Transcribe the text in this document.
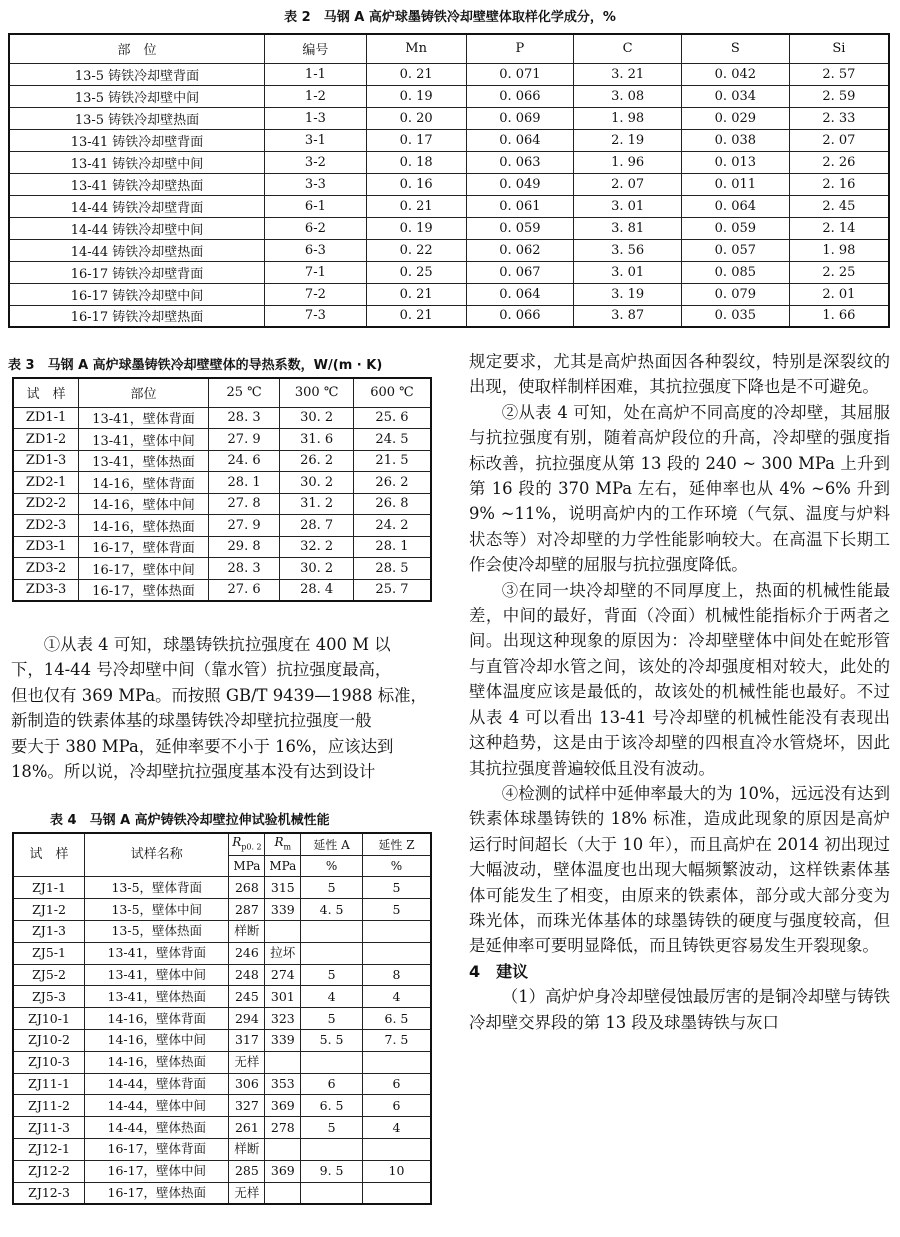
表 2　马钢 A 高炉球墨铸铁冷却壁壁体取样化学成分，%
部　位	编号	Mn	P	C	S	Si
13-5 铸铁冷却壁背面	1-1	0. 21	0. 071	3. 21	0. 042	2. 57
13-5 铸铁冷却壁中间	1-2	0. 19	0. 066	3. 08	0. 034	2. 59
13-5 铸铁冷却壁热面	1-3	0. 20	0. 069	1. 98	0. 029	2. 33
13-41 铸铁冷却壁背面	3-1	0. 17	0. 064	2. 19	0. 038	2. 07
13-41 铸铁冷却壁中间	3-2	0. 18	0. 063	1. 96	0. 013	2. 26
13-41 铸铁冷却壁热面	3-3	0. 16	0. 049	2. 07	0. 011	2. 16
14-44 铸铁冷却壁背面	6-1	0. 21	0. 061	3. 01	0. 064	2. 45
14-44 铸铁冷却壁中间	6-2	0. 19	0. 059	3. 81	0. 059	2. 14
14-44 铸铁冷却壁热面	6-3	0. 22	0. 062	3. 56	0. 057	1. 98
16-17 铸铁冷却壁背面	7-1	0. 25	0. 067	3. 01	0. 085	2. 25
16-17 铸铁冷却壁中间	7-2	0. 21	0. 064	3. 19	0. 079	2. 01
16-17 铸铁冷却壁热面	7-3	0. 21	0. 066	3. 87	0. 035	1. 66
表 3　马钢 A 高炉球墨铸铁冷却壁壁体的导热系数，W/(m · K)
试　样	部位	25 ℃	300 ℃	600 ℃
ZD1-1	13-41，壁体背面	28. 3	30. 2	25. 6
ZD1-2	13-41，壁体中间	27. 9	31. 6	24. 5
ZD1-3	13-41，壁体热面	24. 6	26. 2	21. 5
ZD2-1	14-16，壁体背面	28. 1	30. 2	26. 2
ZD2-2	14-16，壁体中间	27. 8	31. 2	26. 8
ZD2-3	14-16，壁体热面	27. 9	28. 7	24. 2
ZD3-1	16-17，壁体背面	29. 8	32. 2	28. 1
ZD3-2	16-17，壁体中间	28. 3	30. 2	28. 5
ZD3-3	16-17，壁体热面	27. 6	28. 4	25. 7

①从表 4 可知，球墨铸铁抗拉强度在 400 M 以
下，14-44 号冷却壁中间（靠水管）抗拉强度最高，
但也仅有 369 MPa。而按照 GB/T 9439—1988 标准，
新制造的铁素体基的球墨铸铁冷却壁抗拉强度一般
要大于 380 MPa，延伸率要不小于 16%，应该达到
18%。所以说，冷却壁抗拉强度基本没有达到设计

表 4　马钢 A 高炉铸铁冷却壁拉伸试验机械性能
试　样	试样名称	$R_{p0. 2}$	$R_m$	延性 A	延性 Z
		MPa	MPa	%	%
ZJ1-1	13-5，壁体背面	268	315	5	5
ZJ1-2	13-5，壁体中间	287	339	4. 5	5
ZJ1-3	13-5，壁体热面	样断			
ZJ5-1	13-41，壁体背面	246	拉坏		
ZJ5-2	13-41，壁体中间	248	274	5	8
ZJ5-3	13-41，壁体热面	245	301	4	4
ZJ10-1	14-16，壁体背面	294	323	5	6. 5
ZJ10-2	14-16，壁体中间	317	339	5. 5	7. 5
ZJ10-3	14-16，壁体热面	无样			
ZJ11-1	14-44，壁体背面	306	353	6	6
ZJ11-2	14-44，壁体中间	327	369	6. 5	6
ZJ11-3	14-44，壁体热面	261	278	5	4
ZJ12-1	16-17，壁体背面	样断			
ZJ12-2	16-17，壁体中间	285	369	9. 5	10
ZJ12-3	16-17，壁体热面	无样			

规定要求，尤其是高炉热面因各种裂纹，特别是深裂纹的出现，使取样制样困难，其抗拉强度下降也是不可避免。

②从表 4 可知，处在高炉不同高度的冷却壁，其屈服与抗拉强度有别，随着高炉段位的升高，冷却壁的强度指标改善，抗拉强度从第 13 段的 240 ~ 300 MPa 上升到第 16 段的 370 MPa 左右，延伸率也从 4% ~6% 升到 9% ~11%，说明高炉内的工作环境（气氛、温度与炉料状态等）对冷却壁的力学性能影响较大。在高温下长期工作会使冷却壁的屈服与抗拉强度降低。

③在同一块冷却壁的不同厚度上，热面的机械性能最差，中间的最好，背面（冷面）机械性能指标介于两者之间。出现这种现象的原因为：冷却壁壁体中间处在蛇形管与直管冷却水管之间，该处的冷却强度相对较大，此处的壁体温度应该是最低的，故该处的机械性能也最好。不过从表 4 可以看出 13-41 号冷却壁的机械性能没有表现出这种趋势，这是由于该冷却壁的四根直冷水管烧坏，因此其抗拉强度普遍较低且没有波动。

④检测的试样中延伸率最大的为 10%，远远没有达到铁素体球墨铸铁的 18% 标准，造成此现象的原因是高炉运行时间超长（大于 10 年），而且高炉在 2014 初出现过大幅波动，壁体温度也出现大幅频繁波动，这样铁素体基体可能发生了相变，由原来的铁素体，部分或大部分变为珠光体，而珠光体基体的球墨铸铁的硬度与强度较高，但是延伸率可要明显降低，而且铸铁更容易发生开裂现象。

4　建议

（1）高炉炉身冷却壁侵蚀最厉害的是铜冷却壁与铸铁冷却壁交界段的第 13 段及球墨铸铁与灰口
